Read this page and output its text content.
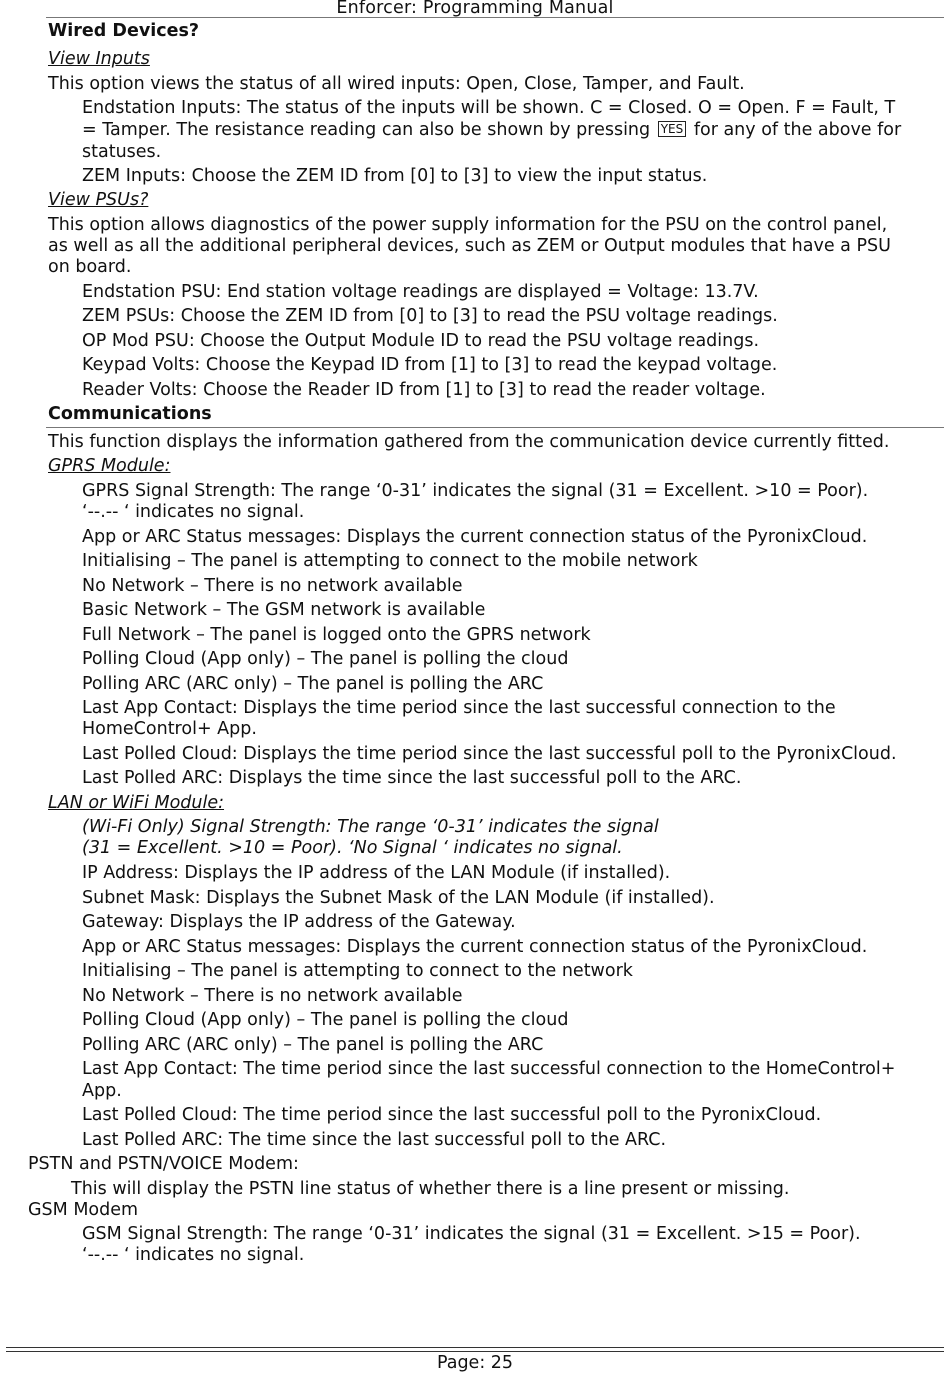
Enforcer: Programming Manual
Wired Devices?
View Inputs
This option views the status of all wired inputs: Open, Close, Tamper, and Fault.
Endstation Inputs: The status of the inputs will be shown. C = Closed. O = Open. F = Fault, T
= Tamper. The resistance reading can also be shown by pressing YES for any of the above for
statuses.
ZEM Inputs: Choose the ZEM ID from [0] to [3] to view the input status.
View PSUs?
This option allows diagnostics of the power supply information for the PSU on the control panel,
as well as all the additional peripheral devices, such as ZEM or Output modules that have a PSU
on board.
Endstation PSU: End station voltage readings are displayed = Voltage: 13.7V.
ZEM PSUs: Choose the ZEM ID from [0] to [3] to read the PSU voltage readings.
OP Mod PSU: Choose the Output Module ID to read the PSU voltage readings.
Keypad Volts: Choose the Keypad ID from [1] to [3] to read the keypad voltage.
Reader Volts: Choose the Reader ID from [1] to [3] to read the reader voltage.
Communications
This function displays the information gathered from the communication device currently fitted.
GPRS Module:
GPRS Signal Strength: The range ‘0-31’ indicates the signal (31 = Excellent. >10 = Poor).
‘--.-- ‘ indicates no signal.
App or ARC Status messages: Displays the current connection status of the PyronixCloud.
Initialising – The panel is attempting to connect to the mobile network
No Network – There is no network available
Basic Network – The GSM network is available
Full Network – The panel is logged onto the GPRS network
Polling Cloud (App only) – The panel is polling the cloud
Polling ARC (ARC only) – The panel is polling the ARC
Last App Contact: Displays the time period since the last successful connection to the
HomeControl+ App.
Last Polled Cloud: Displays the time period since the last successful poll to the PyronixCloud.
Last Polled ARC: Displays the time since the last successful poll to the ARC.
LAN or WiFi Module:
(Wi-Fi Only) Signal Strength: The range ‘0-31’ indicates the signal
(31 = Excellent. >10 = Poor). ‘No Signal ‘ indicates no signal.
IP Address: Displays the IP address of the LAN Module (if installed).
Subnet Mask: Displays the Subnet Mask of the LAN Module (if installed).
Gateway: Displays the IP address of the Gateway.
App or ARC Status messages: Displays the current connection status of the PyronixCloud.
Initialising – The panel is attempting to connect to the network
No Network – There is no network available
Polling Cloud (App only) – The panel is polling the cloud
Polling ARC (ARC only) – The panel is polling the ARC
Last App Contact: The time period since the last successful connection to the HomeControl+
App.
Last Polled Cloud: The time period since the last successful poll to the PyronixCloud.
Last Polled ARC: The time since the last successful poll to the ARC.
PSTN and PSTN/VOICE Modem:
This will display the PSTN line status of whether there is a line present or missing.
GSM Modem
GSM Signal Strength: The range ‘0-31’ indicates the signal (31 = Excellent. >15 = Poor).
‘--.-- ‘ indicates no signal.
Page: 25
